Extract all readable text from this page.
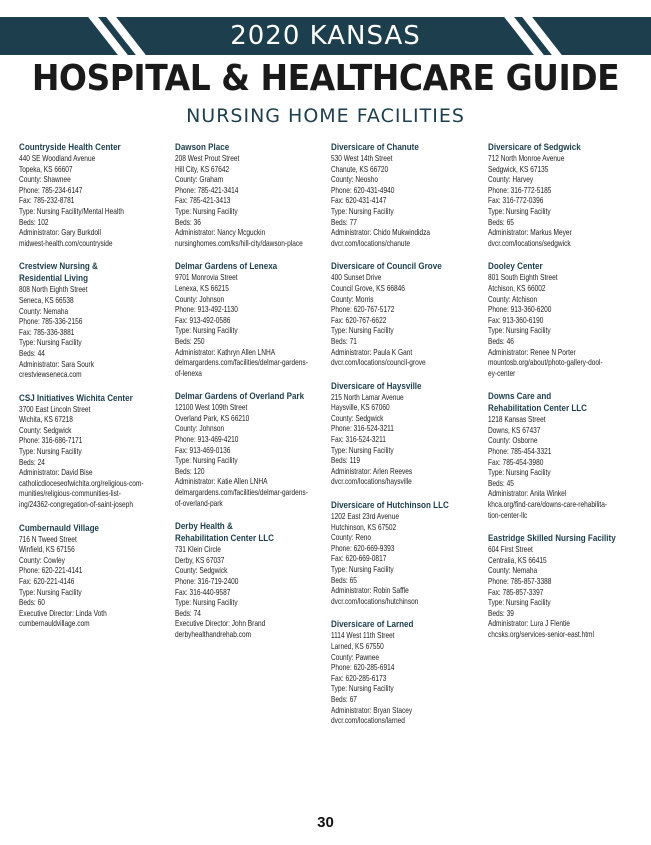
2020 KANSAS
HOSPITAL & HEALTHCARE GUIDE
NURSING HOME FACILITIES
Countryside Health Center
440 SE Woodland Avenue
Topeka, KS 66607
County: Shawnee
Phone: 785-234-6147
Fax: 785-232-8781
Type: Nursing Facility/Mental Health
Beds: 102
Administrator: Gary Burkdoll
midwest-health.com/countryside
Crestview Nursing &
Residential Living
808 North Eighth Street
Seneca, KS 66538
County: Nemaha
Phone: 785-336-2156
Fax: 785-336-3881
Type: Nursing Facility
Beds: 44
Administrator: Sara Sourk
crestviewseneca.com
CSJ Initiatives Wichita Center
3700 East Lincoln Street
Wichita, KS 67218
County: Sedgwick
Phone: 316-686-7171
Type: Nursing Facility
Beds: 24
Administrator: David Bise
catholicdioceseofwichita.org/religious-com-
munities/religious-communities-list-
ing/24362-congregation-of-saint-joseph
Cumbernauld Village
716 N Tweed Street
Winfield, KS 67156
County: Cowley
Phone: 620-221-4141
Fax: 620-221-4146
Type: Nursing Facility
Beds: 60
Executive Director: Linda Voth
cumbernauldvillage.com
Dawson Place
208 West Prout Street
Hill City, KS 67642
County: Graham
Phone: 785-421-3414
Fax: 785-421-3413
Type: Nursing Facility
Beds: 36
Administrator: Nancy Mcguckin
nursinghomes.com/ks/hill-city/dawson-place
Delmar Gardens of Lenexa
9701 Monrovia Street
Lenexa, KS 66215
County: Johnson
Phone: 913-492-1130
Fax: 913-492-0586
Type: Nursing Facility
Beds: 250
Administrator: Kathryn Allen LNHA
delmargardens.com/facilities/delmar-gardens-
of-lenexa
Delmar Gardens of Overland Park
12100 West 109th Street
Overland Park, KS 66210
County: Johnson
Phone: 913-469-4210
Fax: 913-469-0136
Type: Nursing Facility
Beds: 120
Administrator: Katie Allen LNHA
delmargardens.com/facilities/delmar-gardens-
of-overland-park
Derby Health &
Rehabilitation Center LLC
731 Klein Circle
Derby, KS 67037
County: Sedgwick
Phone: 316-719-2400
Fax: 316-440-9587
Type: Nursing Facility
Beds: 74
Executive Director: John Brand
derbyhealthandrehab.com
Diversicare of Chanute
530 West 14th Street
Chanute, KS 66720
County: Neosho
Phone: 620-431-4940
Fax: 620-431-4147
Type: Nursing Facility
Beds: 77
Administrator: Chido Mukwindidza
dvcr.com/locations/chanute
Diversicare of Council Grove
400 Sunset Drive
Council Grove, KS 66846
County: Morris
Phone: 620-767-5172
Fax: 620-767-6622
Type: Nursing Facility
Beds: 71
Administrator: Paula K Gant
dvcr.com/locations/council-grove
Diversicare of Haysville
215 North Lamar Avenue
Haysville, KS 67060
County: Sedgwick
Phone: 316-524-3211
Fax: 316-524-3211
Type: Nursing Facility
Beds: 119
Administrator: Arlen Reeves
dvcr.com/locations/haysville
Diversicare of Hutchinson LLC
1202 East 23rd Avenue
Hutchinson, KS 67502
County: Reno
Phone: 620-669-9393
Fax: 620-669-0817
Type: Nursing Facility
Beds: 65
Administrator: Robin Saffle
dvcr.com/locations/hutchinson
Diversicare of Larned
1114 West 11th Street
Larned, KS 67550
County: Pawnee
Phone: 620-285-6914
Fax: 620-285-6173
Type: Nursing Facility
Beds: 67
Administrator: Bryan Stacey
dvcr.com/locations/larned
Diversicare of Sedgwick
712 North Monroe Avenue
Sedgwick, KS 67135
County: Harvey
Phone: 316-772-5185
Fax: 316-772-0396
Type: Nursing Facility
Beds: 65
Administrator: Markus Meyer
dvcr.com/locations/sedgwick
Dooley Center
801 South Eighth Street
Atchison, KS 66002
County: Atchison
Phone: 913-360-6200
Fax: 913-360-6190
Type: Nursing Facility
Beds: 46
Administrator: Renee N Porter
mountosb.org/about/photo-gallery-dool-
ey-center
Downs Care and
Rehabilitation Center LLC
1218 Kansas Street
Downs, KS 67437
County: Osborne
Phone: 785-454-3321
Fax: 785-454-3980
Type: Nursing Facility
Beds: 45
Administrator: Anita Winkel
khca.org/find-care/downs-care-rehabilita-
tion-center-llc
Eastridge Skilled Nursing Facility
604 First Street
Centralia, KS 66415
County: Nemaha
Phone: 785-857-3388
Fax: 785-857-3397
Type: Nursing Facility
Beds: 39
Administrator: Lura J Flentie
chcsks.org/services-senior-east.html
30
